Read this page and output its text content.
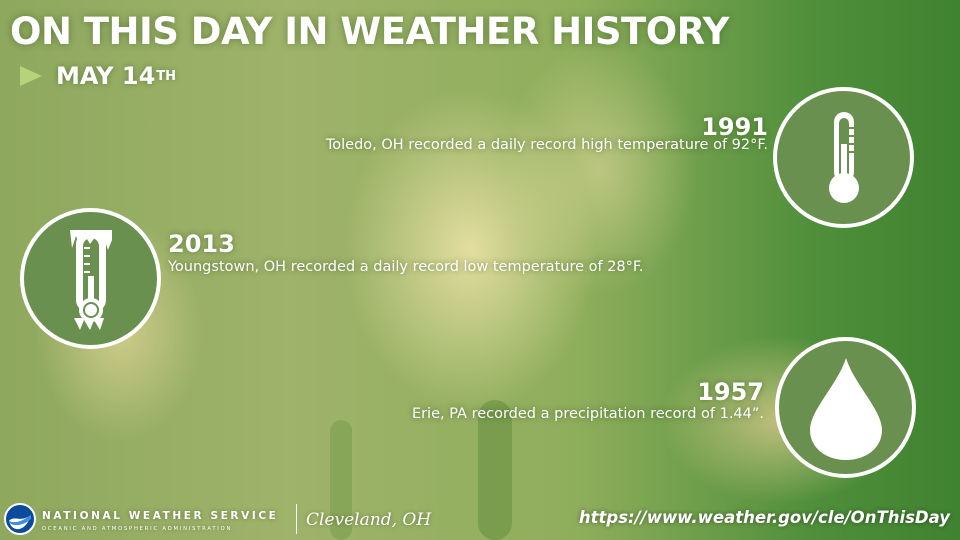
ON THIS DAY IN WEATHER HISTORY
MAY 14 TH
1991
Toledo, OH recorded a daily record high temperature of 92°F.
2013
Youngstown, OH recorded a daily record low temperature of 28°F.
1957
Erie, PA recorded a precipitation record of 1.44”.
NATIONAL WEATHER SERVICE
OCEANIC AND ATMOSPHERIC ADMINISTRATION	Cleveland, OH	https://www.weather.gov/cle/OnThisDay
